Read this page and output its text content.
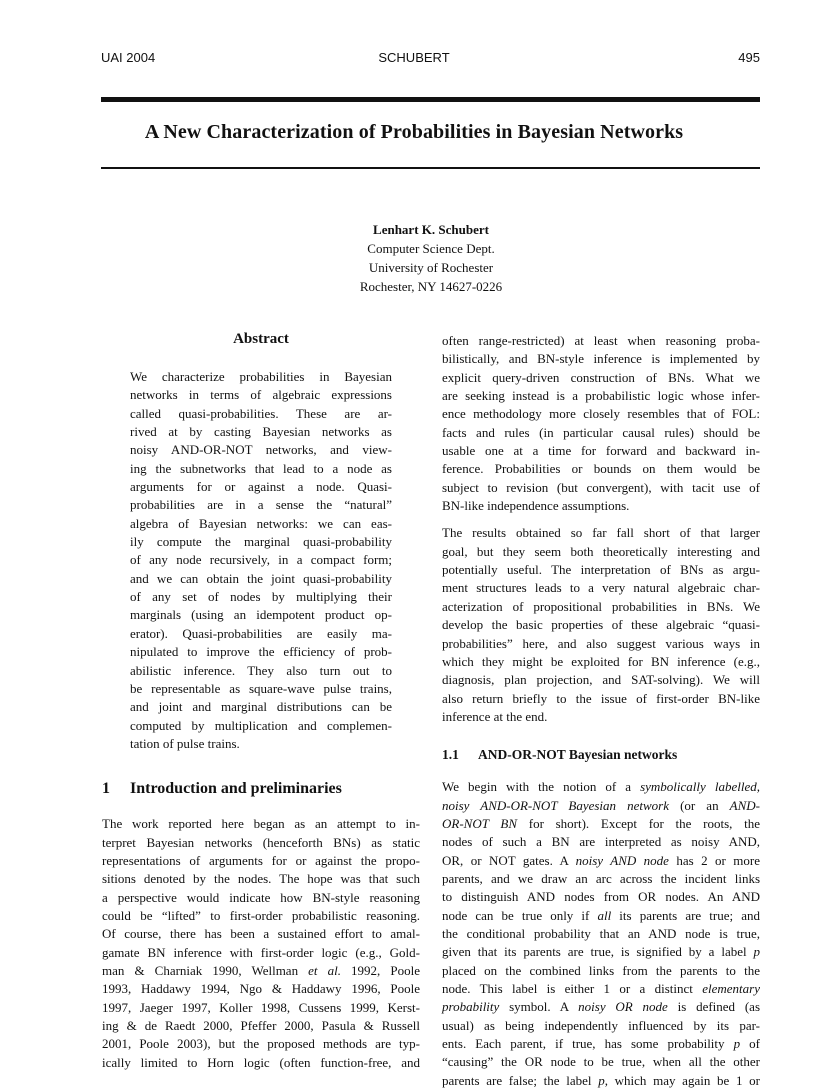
UAI 2004	SCHUBERT	495
A New Characterization of Probabilities in Bayesian Networks
Lenhart K. Schubert
Computer Science Dept.
University of Rochester
Rochester, NY 14627-0226
Abstract
We characterize probabilities in Bayesian
networks in terms of algebraic expressions
called quasi-probabilities. These are ar-
rived at by casting Bayesian networks as
noisy AND-OR-NOT networks, and view-
ing the subnetworks that lead to a node as
arguments for or against a node. Quasi-
probabilities are in a sense the “natural”
algebra of Bayesian networks: we can eas-
ily compute the marginal quasi-probability
of any node recursively, in a compact form;
and we can obtain the joint quasi-probability
of any set of nodes by multiplying their
marginals (using an idempotent product op-
erator). Quasi-probabilities are easily ma-
nipulated to improve the efficiency of prob-
abilistic inference. They also turn out to
be representable as square-wave pulse trains,
and joint and marginal distributions can be
computed by multiplication and complemen-
tation of pulse trains.
1 Introduction and preliminaries
The work reported here began as an attempt to in-
terpret Bayesian networks (henceforth BNs) as static
representations of arguments for or against the propo-
sitions denoted by the nodes. The hope was that such
a perspective would indicate how BN-style reasoning
could be “lifted” to first-order probabilistic reasoning.
Of course, there has been a sustained effort to amal-
gamate BN inference with first-order logic (e.g., Gold-
man & Charniak 1990, Wellman et al. 1992, Poole
1993, Haddawy 1994, Ngo & Haddawy 1996, Poole
1997, Jaeger 1997, Koller 1998, Cussens 1999, Kerst-
ing & de Raedt 2000, Pfeffer 2000, Pasula & Russell
2001, Poole 2003), but the proposed methods are typ-
ically limited to Horn logic (often function-free, and
often range-restricted) at least when reasoning proba-
bilistically, and BN-style inference is implemented by
explicit query-driven construction of BNs. What we
are seeking instead is a probabilistic logic whose infer-
ence methodology more closely resembles that of FOL:
facts and rules (in particular causal rules) should be
usable one at a time for forward and backward in-
ference. Probabilities or bounds on them would be
subject to revision (but convergent), with tacit use of
BN-like independence assumptions.
The results obtained so far fall short of that larger
goal, but they seem both theoretically interesting and
potentially useful. The interpretation of BNs as argu-
ment structures leads to a very natural algebraic char-
acterization of propositional probabilities in BNs. We
develop the basic properties of these algebraic “quasi-
probabilities” here, and also suggest various ways in
which they might be exploited for BN inference (e.g.,
diagnosis, plan projection, and SAT-solving). We will
also return briefly to the issue of first-order BN-like
inference at the end.
1.1 AND-OR-NOT Bayesian networks
We begin with the notion of a symbolically labelled,
noisy AND-OR-NOT Bayesian network (or an AND-
OR-NOT BN for short). Except for the roots, the
nodes of such a BN are interpreted as noisy AND,
OR, or NOT gates. A noisy AND node has 2 or more
parents, and we draw an arc across the incident links
to distinguish AND nodes from OR nodes. An AND
node can be true only if all its parents are true; and
the conditional probability that an AND node is true,
given that its parents are true, is signified by a label p
placed on the combined links from the parents to the
node. This label is either 1 or a distinct elementary
probability symbol. A noisy OR node is defined (as
usual) as being independently influenced by its par-
ents. Each parent, if true, has some probability p of
“causing” the OR node to be true, when all the other
parents are false; the label p, which may again be 1 or
